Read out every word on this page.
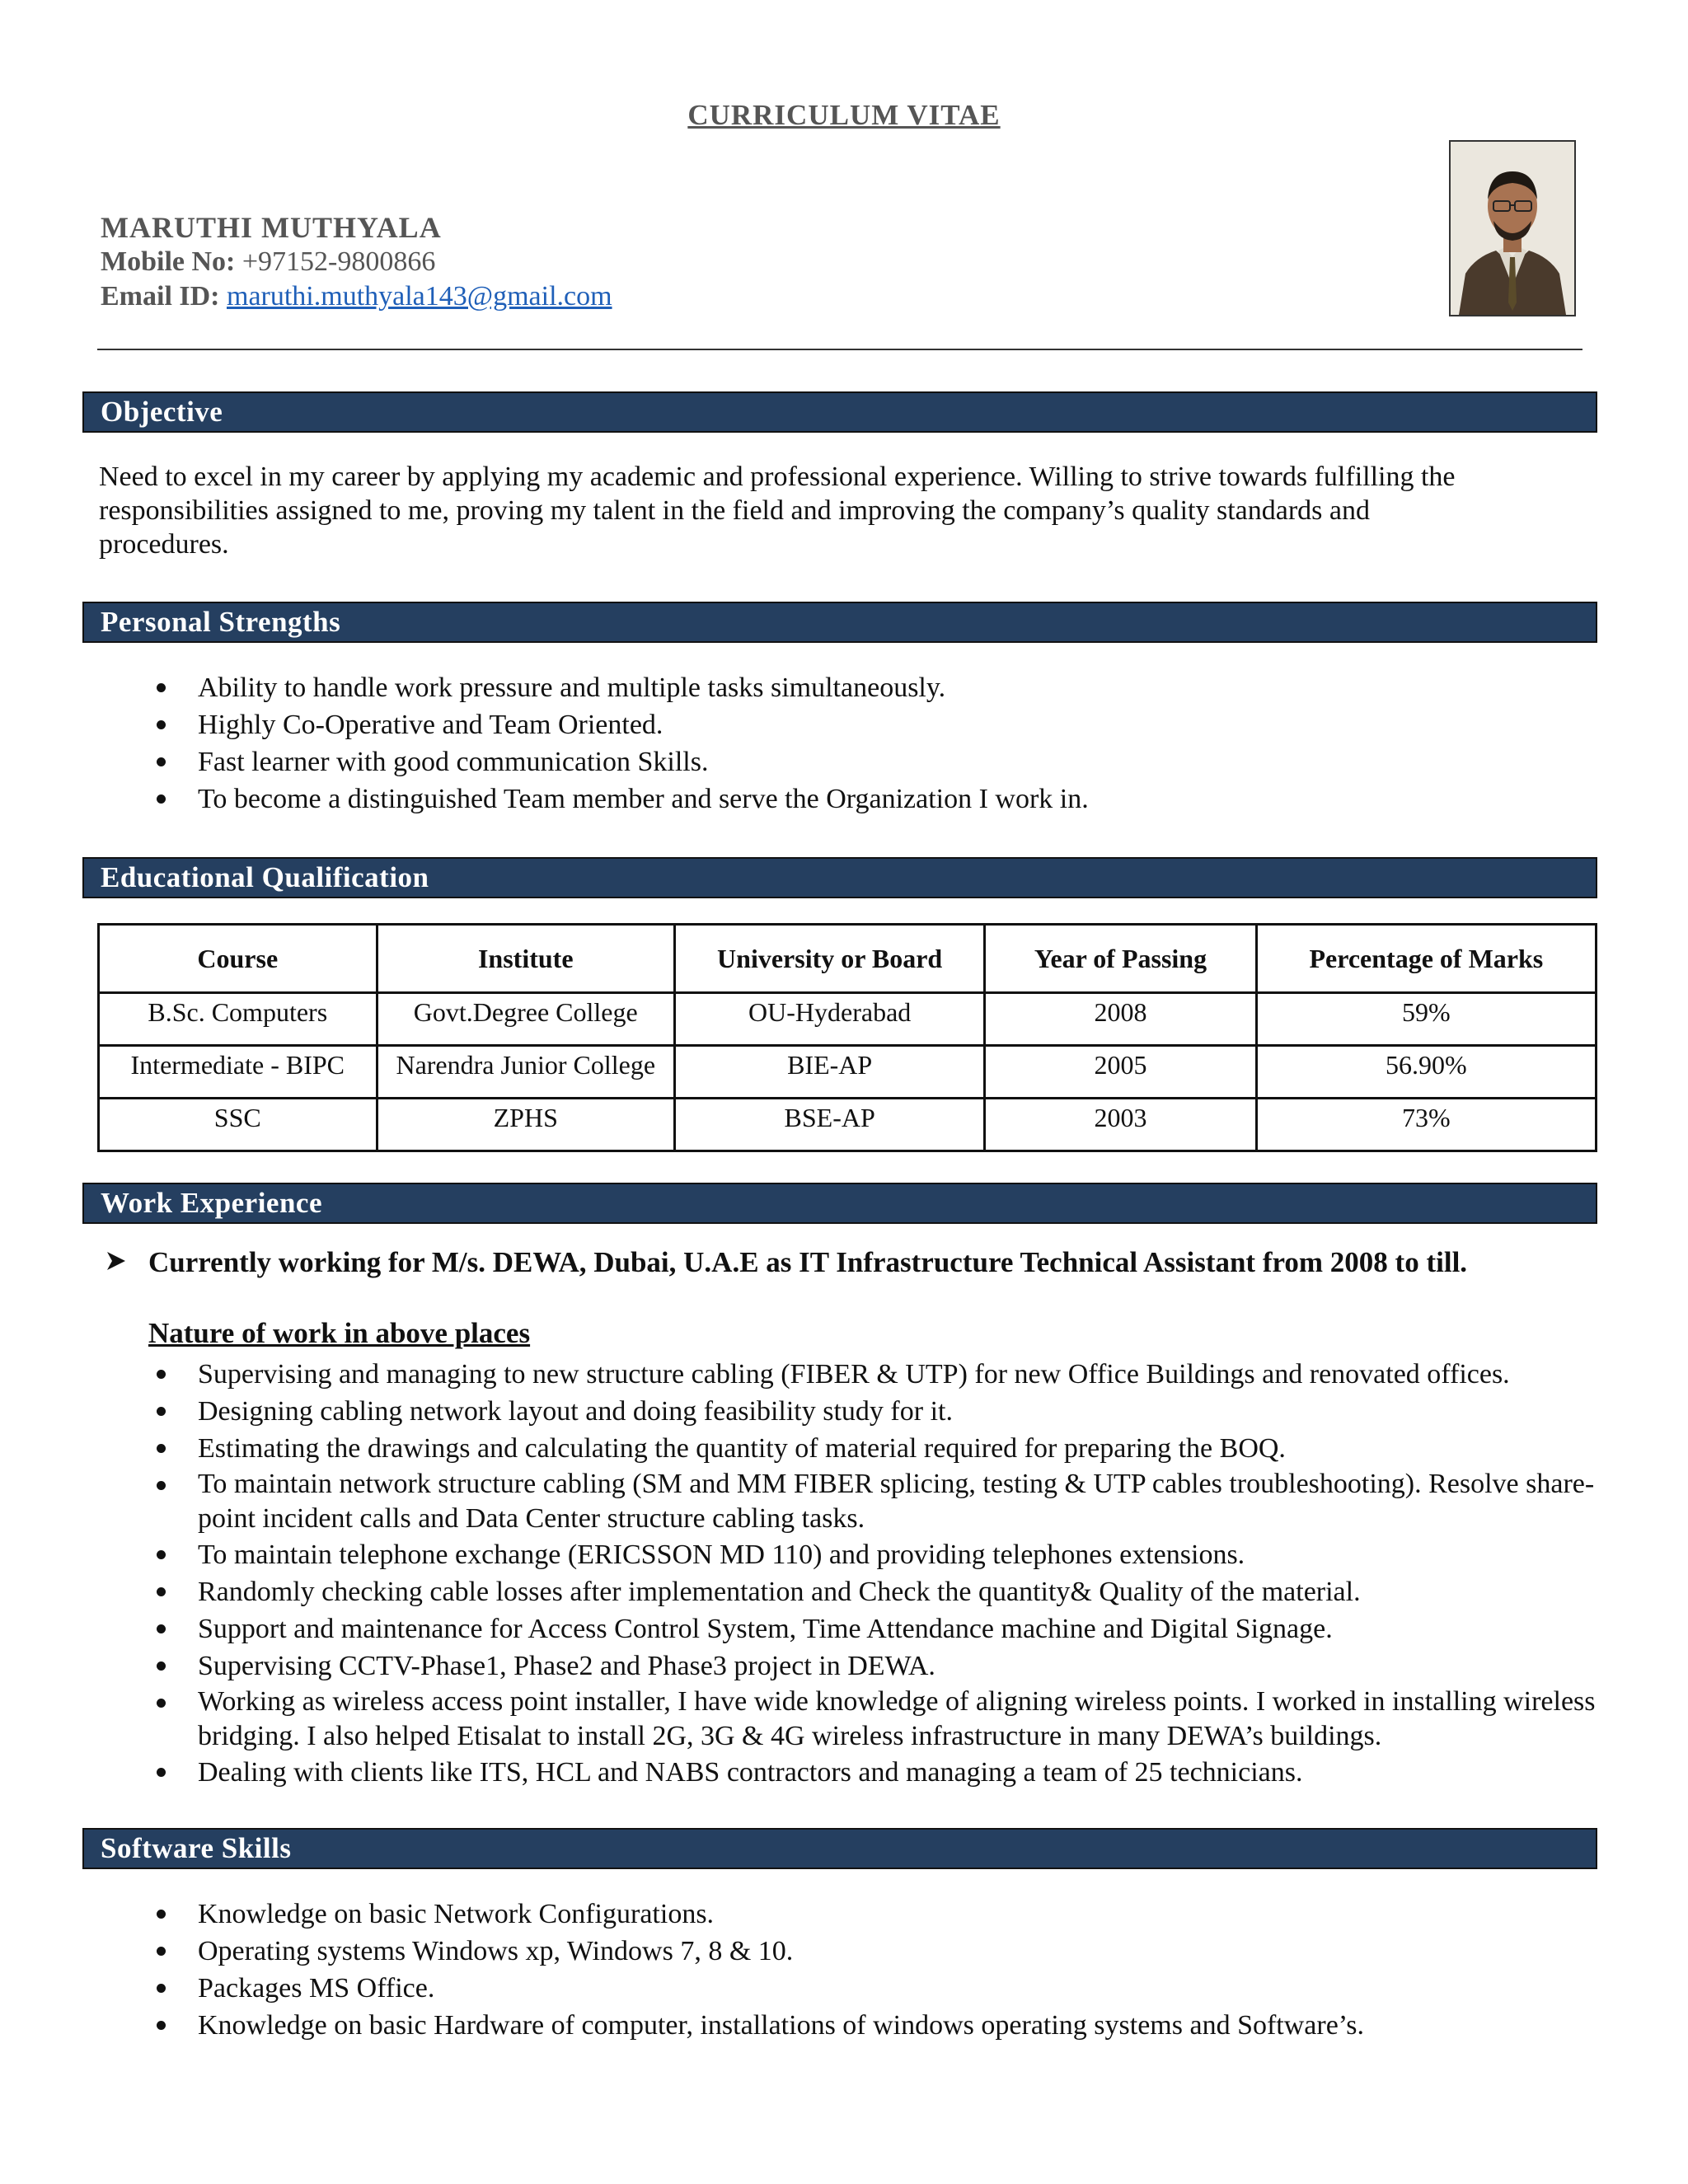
CURRICULUM VITAE
MARUTHI MUTHYALA
Mobile No: +97152-9800866
Email ID: maruthi.muthyala143@gmail.com
Objective
Need to excel in my career by applying my academic and professional experience. Willing to strive towards fulfilling the
responsibilities assigned to me, proving my talent in the field and improving the company’s quality standards and
procedures.
Personal Strengths
Ability to handle work pressure and multiple tasks simultaneously.
Highly Co-Operative and Team Oriented.
Fast learner with good communication Skills.
To become a distinguished Team member and serve the Organization I work in.
Educational Qualification
Course	Institute	University or Board	Year of Passing	Percentage of Marks
B.Sc. Computers	Govt.Degree College	OU-Hyderabad	2008	59%
Intermediate - BIPC	Narendra Junior College	BIE-AP	2005	56.90%
SSC	ZPHS	BSE-AP	2003	73%
Work Experience
Currently working for M/s. DEWA, Dubai, U.A.E as IT Infrastructure Technical Assistant from 2008 to till.
Nature of work in above places
Supervising and managing to new structure cabling (FIBER & UTP) for new Office Buildings and renovated offices.
Designing cabling network layout and doing feasibility study for it.
Estimating the drawings and calculating the quantity of material required for preparing the BOQ.
To maintain network structure cabling (SM and MM FIBER splicing, testing & UTP cables troubleshooting). Resolve share-point incident calls and Data Center structure cabling tasks.
To maintain telephone exchange (ERICSSON MD 110) and providing telephones extensions.
Randomly checking cable losses after implementation and Check the quantity& Quality of the material.
Support and maintenance for Access Control System, Time Attendance machine and Digital Signage.
Supervising CCTV-Phase1, Phase2 and Phase3 project in DEWA.
Working as wireless access point installer, I have wide knowledge of aligning wireless points. I worked in installing wireless bridging. I also helped Etisalat to install 2G, 3G & 4G wireless infrastructure in many DEWA’s buildings.
Dealing with clients like ITS, HCL and NABS contractors and managing a team of 25 technicians.
Software Skills
Knowledge on basic Network Configurations.
Operating systems Windows xp, Windows 7, 8 & 10.
Packages MS Office.
Knowledge on basic Hardware of computer, installations of windows operating systems and Software’s.
